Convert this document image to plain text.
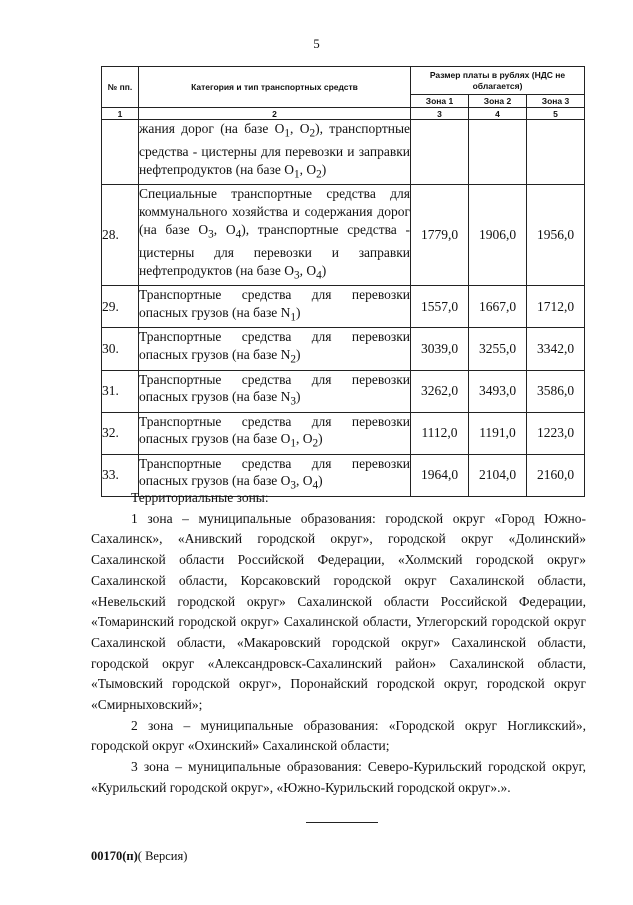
5
№ пп.	Категория и тип транспортных средств	Размер платы в рублях (НДС не облагается)		
		Зона 1	Зона 2	Зона 3
1	2	3	4	5
	жания дорог (на базе $O_1$, $O_2$), транспортные средства - цистерны для перевозки и заправки нефтепродуктов (на базе $O_1$, $O_2$)			
28.	Специальные транспортные средства для коммунального хозяйства и содержания дорог (на базе $O_3$, $O_4$), транспортные средства - цистерны для перевозки и заправки нефтепродуктов (на базе $O_3$, $O_4$)	1779,0	1906,0	1956,0
29.	Транспортные средства для перевозки опасных грузов (на базе $N_1$)	1557,0	1667,0	1712,0
30.	Транспортные средства для перевозки опасных грузов (на базе $N_2$)	3039,0	3255,0	3342,0
31.	Транспортные средства для перевозки опасных грузов (на базе $N_3$)	3262,0	3493,0	3586,0
32.	Транспортные средства для перевозки опасных грузов (на базе $O_1$, $O_2$)	1112,0	1191,0	1223,0
33.	Транспортные средства для перевозки опасных грузов (на базе $O_3$, $O_4$)	1964,0	2104,0	2160,0

Территориальные зоны:

1 зона – муниципальные образования: городской округ «Город Южно-Сахалинск», «Анивский городской округ», городской округ «Долинский» Сахалинской области Российской Федерации, «Холмский городской округ» Сахалинской области, Корсаковский городской округ Сахалинской области, «Невельский городской округ» Сахалинской области Российской Федерации, «Томаринский городской округ» Сахалинской области, Углегорский городской округ Сахалинской области, «Макаровский городской округ» Сахалинской области, городской округ «Александровск-Сахалинский район» Сахалинской области, «Тымовский городской округ», Поронайский городской округ, городской округ «Смирныховский»;

2 зона – муниципальные образования: «Городской округ Ногликский», городской округ «Охинский» Сахалинской области;

3 зона – муниципальные образования: Северо-Курильский городской округ, «Курильский городской округ», «Южно-Курильский городской округ».».

00170(п)( Версия)
